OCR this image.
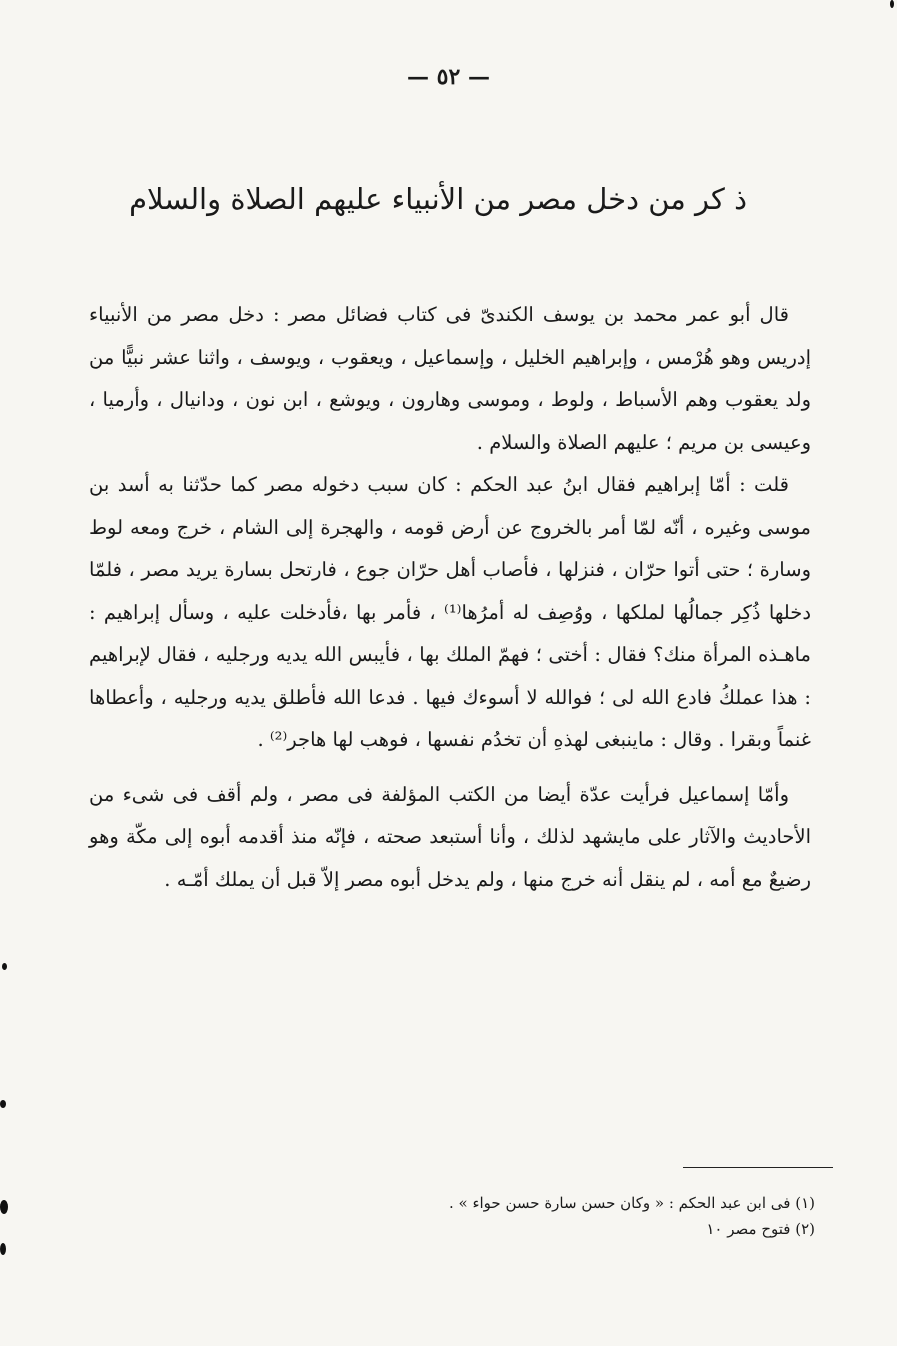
— ٥٢ —
ذ كر من دخل مصر من الأنبياء عليهم الصلاة والسلام

قال أبو عمر محمد بن يوسف الكندىّ فى كتاب فضائل مصر : دخل مصر من الأنبياء إدريس وهو هُرْمس ، وإبراهيم الخليل ، وإسماعيل ، ويعقوب ، ويوسف ، واثنا عشر نبيًّا من ولد يعقوب وهم الأسباط ، ولوط ، وموسى وهارون ، ويوشع ، ابن نون ، ودانيال ، وأرميا ، وعيسى بن مريم ؛ عليهم الصلاة والسلام .

قلت : أمّا إبراهيم فقال ابنُ عبد الحكم : كان سبب دخوله مصر كما حدّثنا به أسد بن موسى وغيره ، أنّه لمّا أمر بالخروج عن أرض قومه ، والهجرة إلى الشام ، خرج ومعه لوط وسارة ؛ حتى أتوا حرّان ، فنزلها ، فأصاب أهل حرّان جوع ، فارتحل بسارة يريد مصر ، فلمّا دخلها ذُكِر جمالُها لملكها ، ووُصِف له أمرُها⁽¹⁾ ، فأمر بها ،فأدخلت عليه ، وسأل إبراهيم : ماهـذه المرأة منك؟ فقال : أختى ؛ فهمّ الملك بها ، فأيبس الله يديه ورجليه ، فقال لإبراهيم : هذا عملكُ فادع الله لى ؛ فوالله لا أسوءك فيها . فدعا الله فأطلق يديه ورجليه ، وأعطاها غنماً وبقرا . وقال : ماينبغى لهذهِ أن تخدُم نفسها ، فوهب لها هاجر⁽²⁾ .

وأمّا إسماعيل فرأيت عدّة أيضا من الكتب المؤلفة فى مصر ، ولم أقف فى شىء من الأحاديث والآثار على مايشهد لذلك ، وأنا أستبعد صحته ، فإنّه منذ أقدمه أبوه إلى مكّة وهو رضيعٌ مع أمه ، لم ينقل أنه خرج منها ، ولم يدخل أبوه مصر إلاّ قبل أن يملك أمّـه .

(١) فى ابن عبد الحكم : « وكان حسن سارة حسن حواء » .
(٢) فتوح مصر ١٠
